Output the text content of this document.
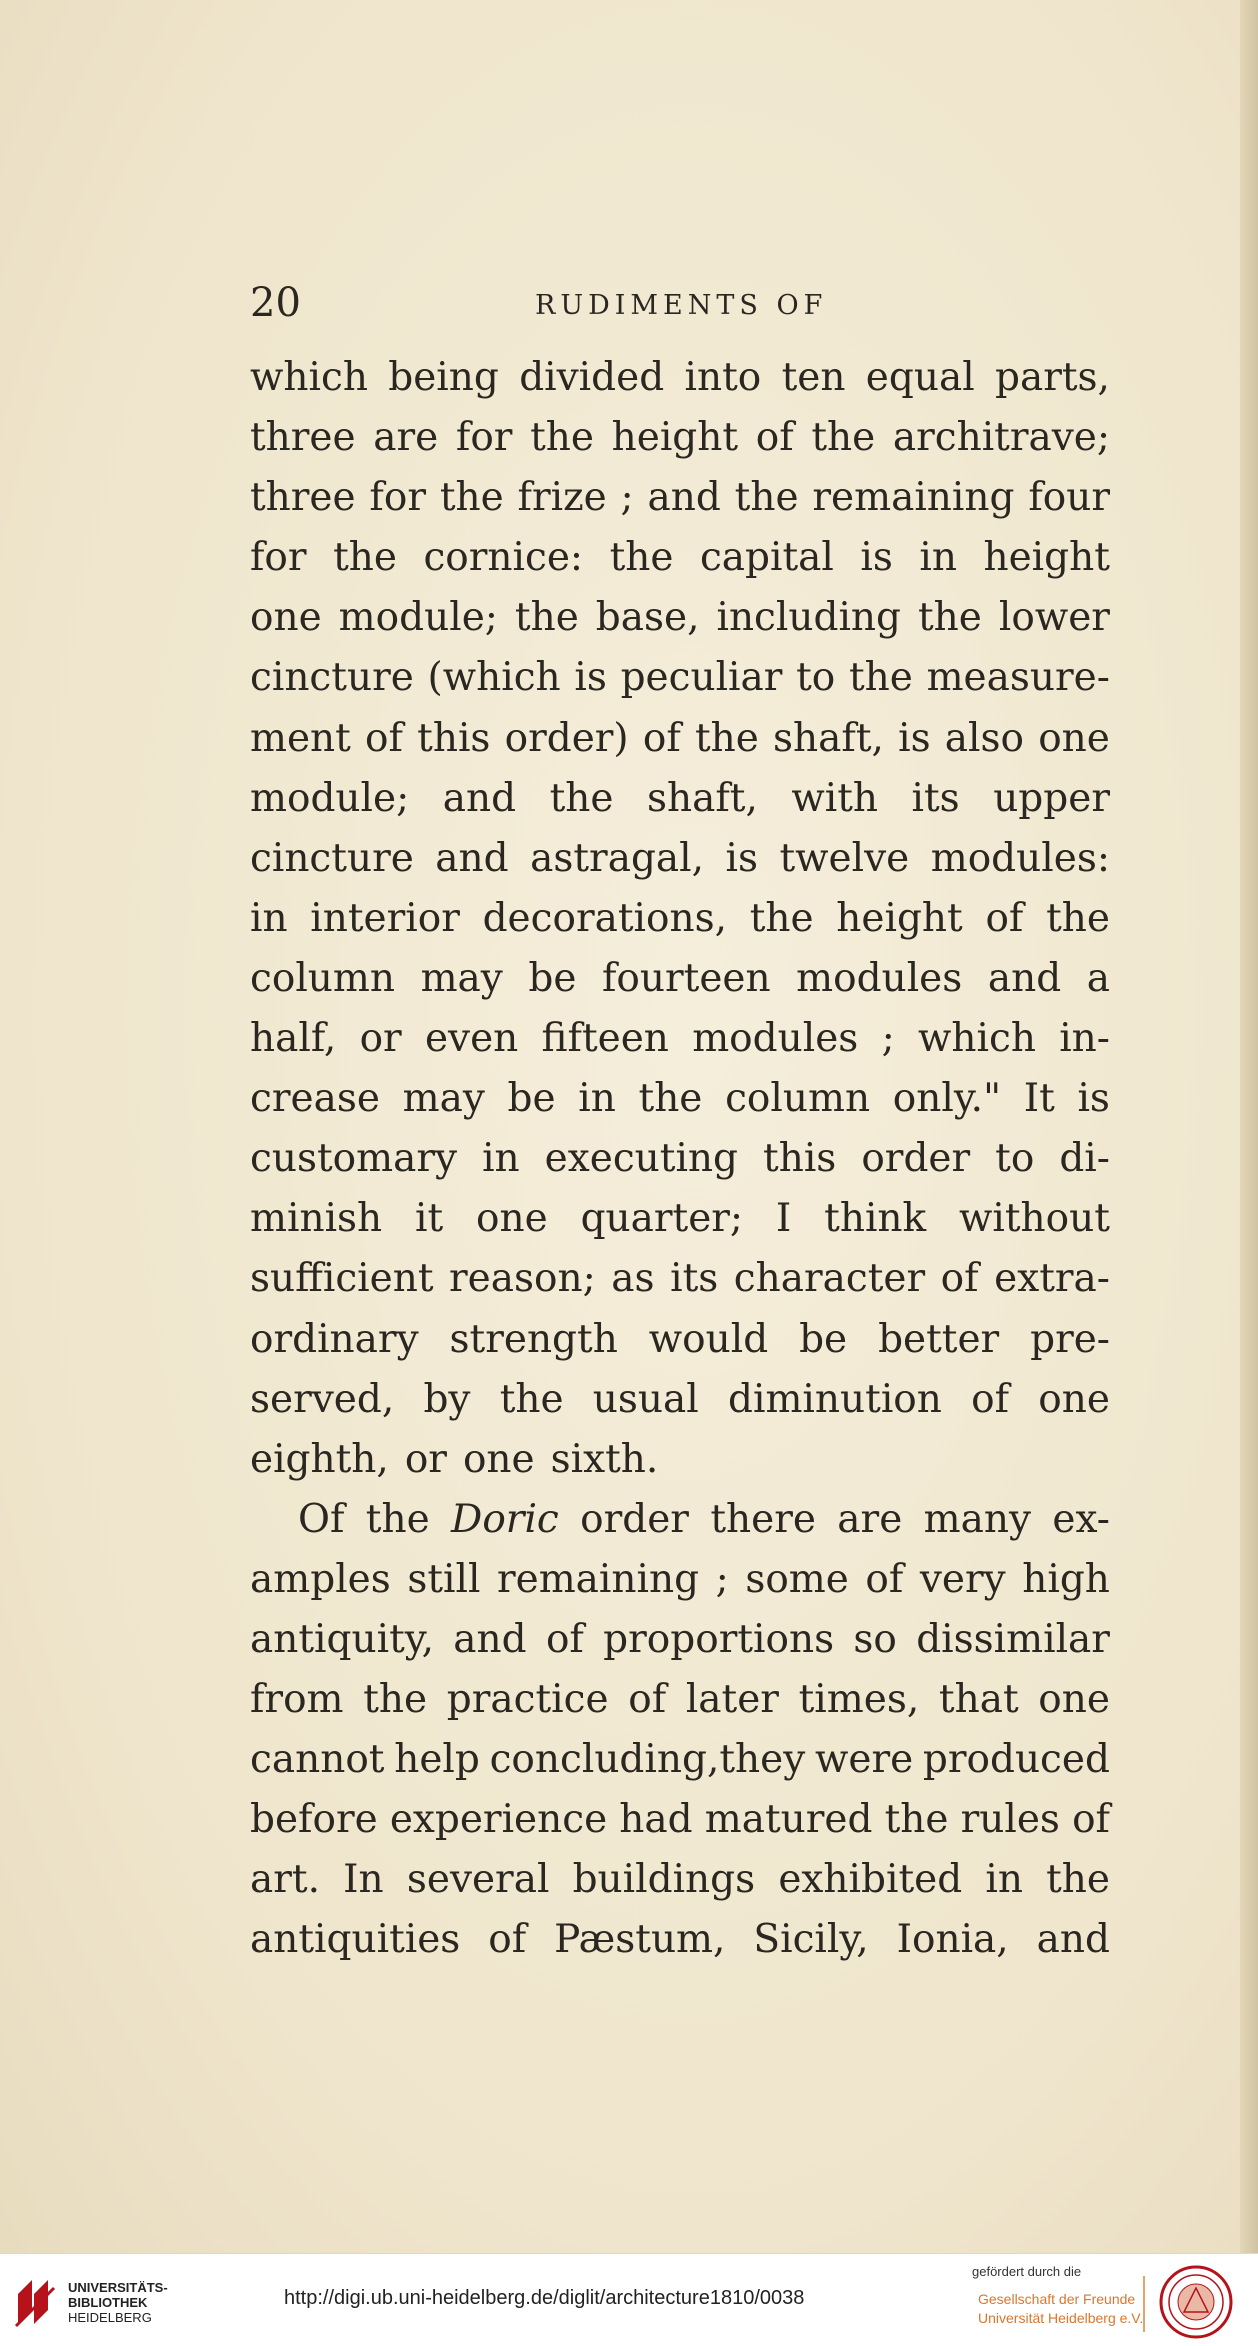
20	RUDIMENTS OF
which being divided into ten equal parts,
three are for the height of the architrave;
three for the frize ; and the remaining four
for the cornice: the capital is in height
one module; the base, including the lower
cincture (which is peculiar to the measure-
ment of this order) of the shaft, is also one
module; and the shaft, with its upper
cincture and astragal, is twelve modules:
in interior decorations, the height of the
column may be fourteen modules and a
half, or even fifteen modules ; which in-
crease may be in the column only." It is
customary in executing this order to di-
minish it one quarter; I think without
sufficient reason; as its character of extra-
ordinary strength would be better pre-
served, by the usual diminution of one
eighth, or one sixth.
Of the Doric order there are many ex-
amples still remaining ; some of very high
antiquity, and of proportions so dissimilar
from the practice of later times, that one
cannot help concluding,they were produced
before experience had matured the rules of
art. In several buildings exhibited in the
antiquities of Pæstum, Sicily, Ionia, and
UNIVERSITÄTS-
BIBLIOTHEK
HEIDELBERG
http://digi.ub.uni-heidelberg.de/diglit/architecture1810/0038
gefördert durch die
Gesellschaft der Freunde
Universität Heidelberg e.V.
